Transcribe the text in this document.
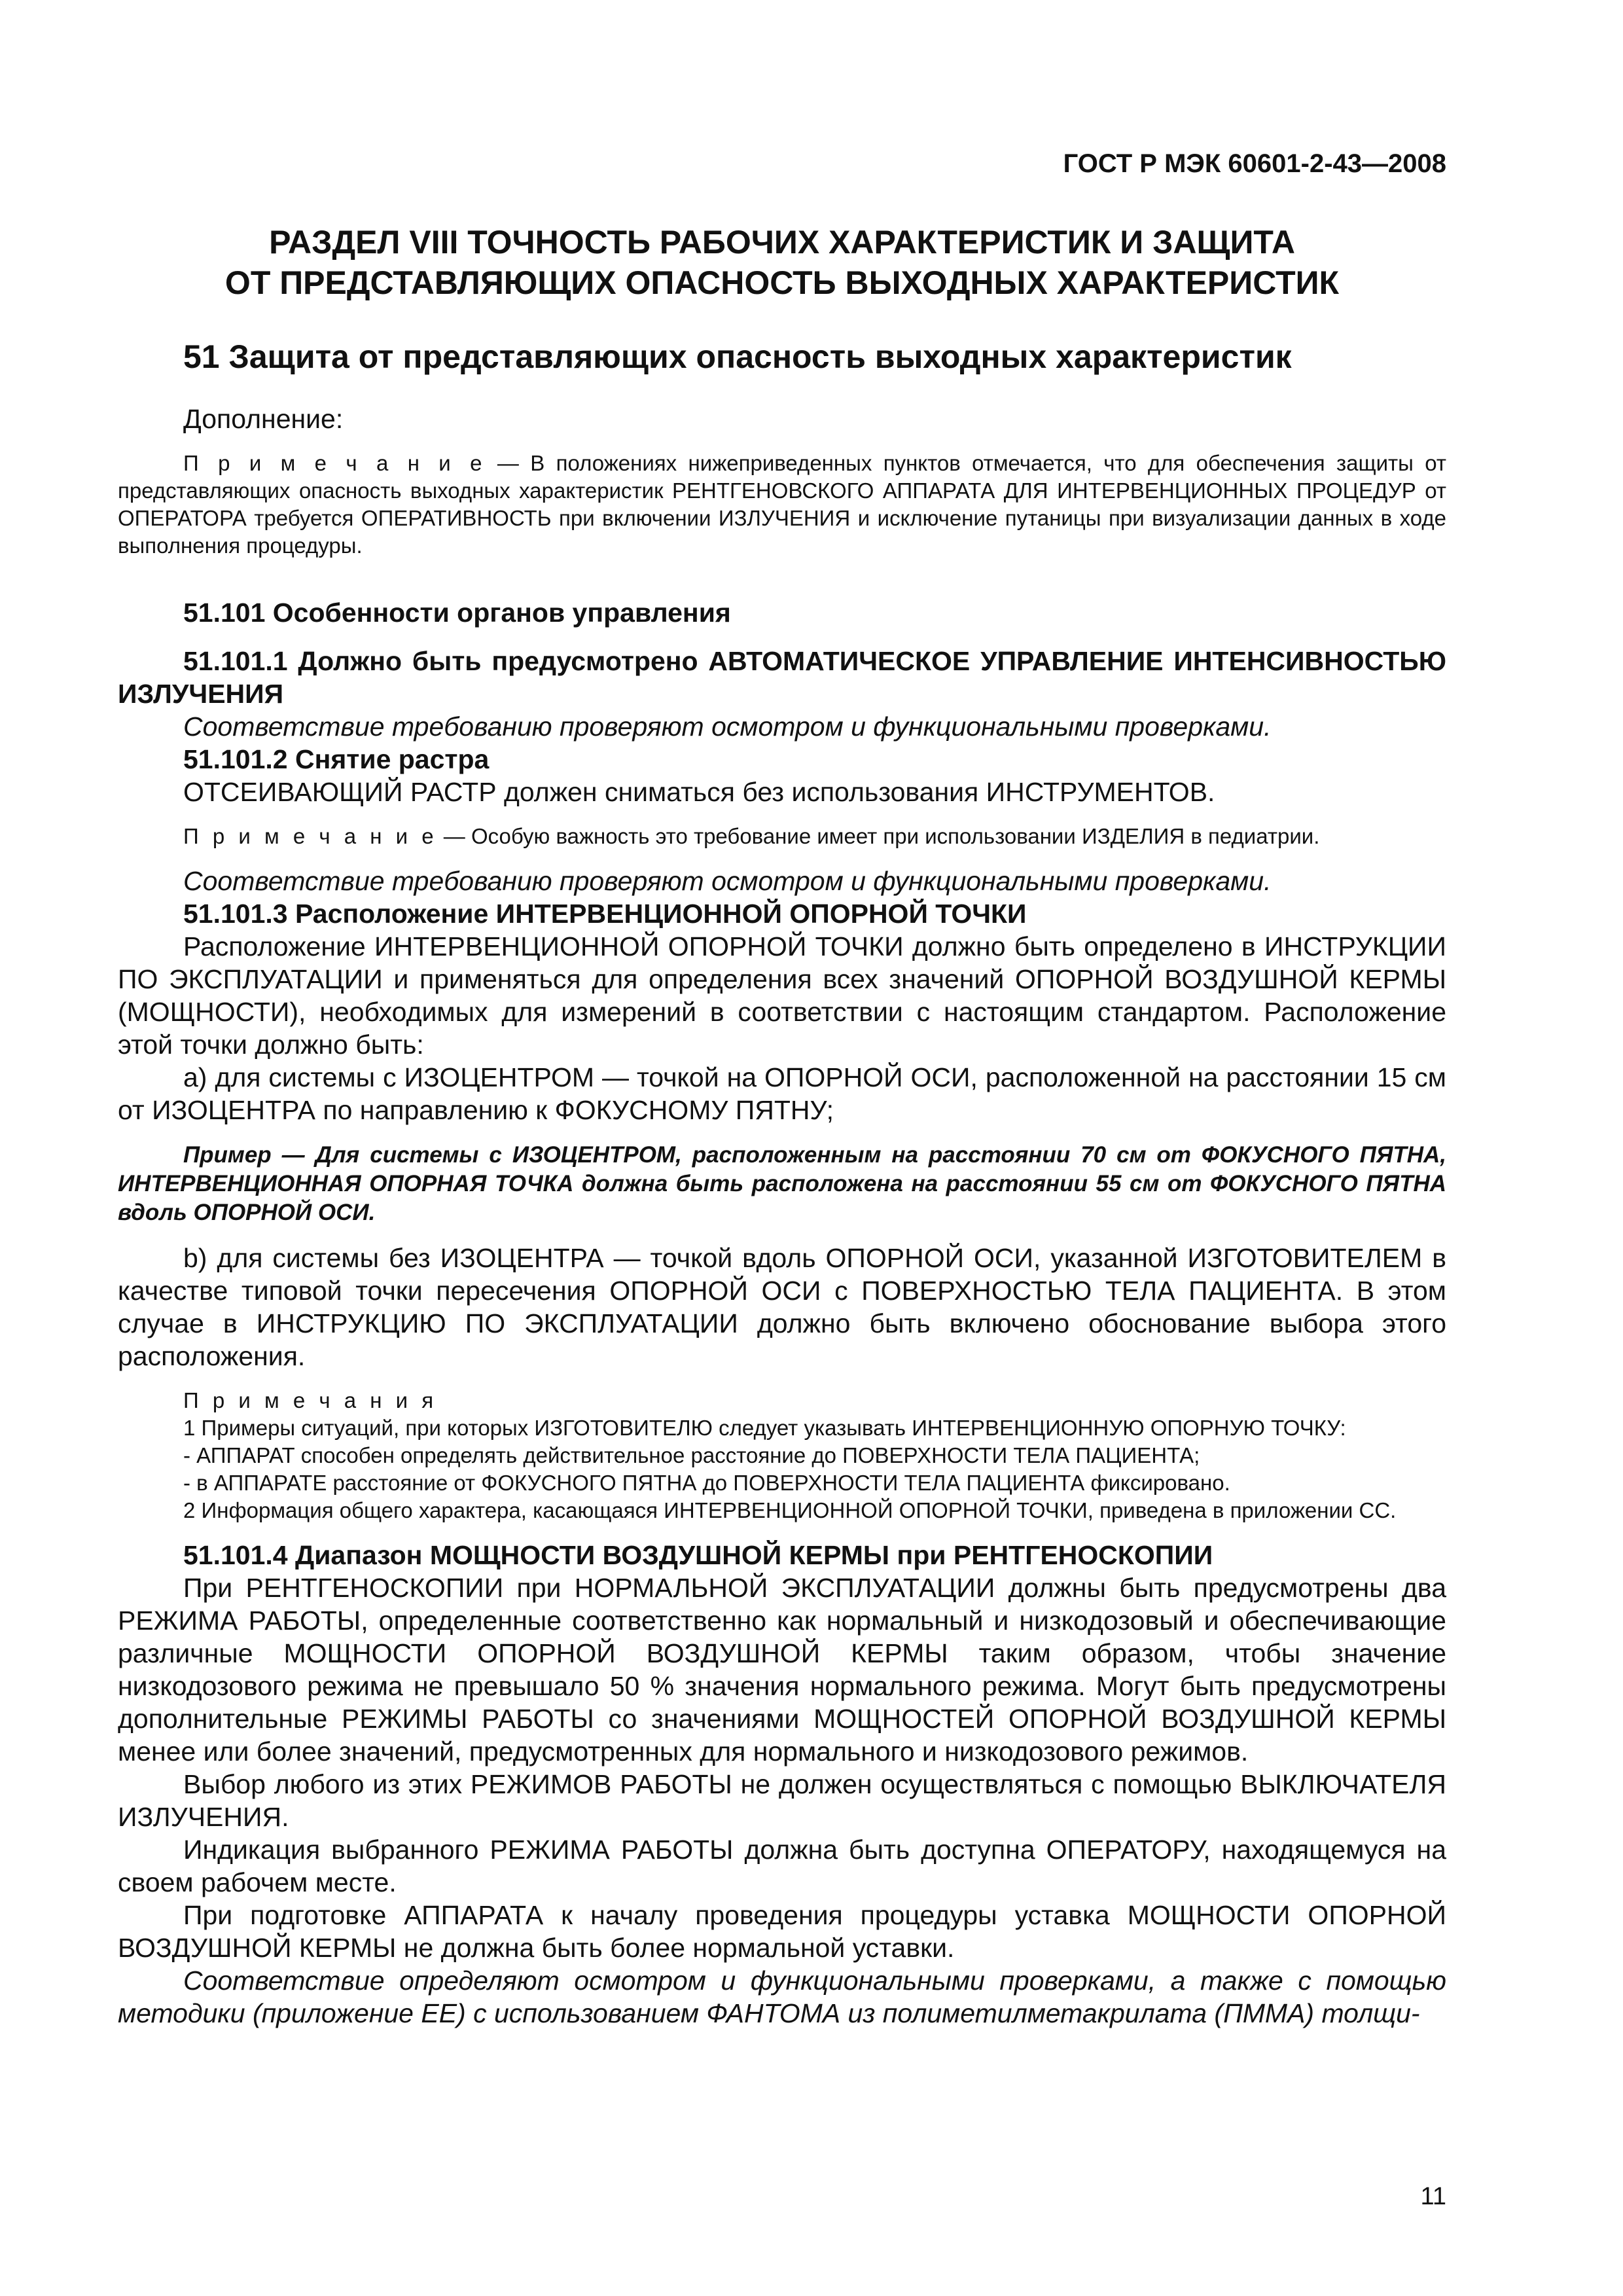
ГОСТ Р МЭК 60601-2-43—2008
РАЗДЕЛ VIII ТОЧНОСТЬ РАБОЧИХ ХАРАКТЕРИСТИК И ЗАЩИТА
ОТ ПРЕДСТАВЛЯЮЩИХ ОПАСНОСТЬ ВЫХОДНЫХ ХАРАКТЕРИСТИК
51 Защита от представляющих опасность выходных характеристик

Дополнение:

П р и м е ч а н и е — В положениях нижеприведенных пунктов отмечается, что для обеспечения защиты от представляющих опасность выходных характеристик РЕНТГЕНОВСКОГО АППАРАТА ДЛЯ ИНТЕРВЕНЦИОННЫХ ПРОЦЕДУР от ОПЕРАТОРА требуется ОПЕРАТИВНОСТЬ при включении ИЗЛУЧЕНИЯ и исключение путаницы при визуализации данных в ходе выполнения процедуры.

51.101 Особенности органов управления

51.101.1 Должно быть предусмотрено АВТОМАТИЧЕСКОЕ УПРАВЛЕНИЕ ИНТЕНСИВНОСТЬЮ ИЗЛУЧЕНИЯ

Соответствие требованию проверяют осмотром и функциональными проверками.

51.101.2 Снятие растра

ОТСЕИВАЮЩИЙ РАСТР должен сниматься без использования ИНСТРУМЕНТОВ.

П р и м е ч а н и е — Особую важность это требование имеет при использовании ИЗДЕЛИЯ в педиатрии.

Соответствие требованию проверяют осмотром и функциональными проверками.

51.101.3 Расположение ИНТЕРВЕНЦИОННОЙ ОПОРНОЙ ТОЧКИ

Расположение ИНТЕРВЕНЦИОННОЙ ОПОРНОЙ ТОЧКИ должно быть определено в ИНСТРУКЦИИ ПО ЭКСПЛУАТАЦИИ и применяться для определения всех значений ОПОРНОЙ ВОЗДУШНОЙ КЕРМЫ (МОЩНОСТИ), необходимых для измерений в соответствии с настоящим стандартом. Расположение этой точки должно быть:

a) для системы с ИЗОЦЕНТРОМ — точкой на ОПОРНОЙ ОСИ, расположенной на расстоянии 15 см от ИЗОЦЕНТРА по направлению к ФОКУСНОМУ ПЯТНУ;

Пример — Для системы с ИЗОЦЕНТРОМ, расположенным на расстоянии 70 см от ФОКУСНОГО ПЯТНА, ИНТЕРВЕНЦИОННАЯ ОПОРНАЯ ТОЧКА должна быть расположена на расстоянии 55 см от ФОКУСНОГО ПЯТНА вдоль ОПОРНОЙ ОСИ.

b) для системы без ИЗОЦЕНТРА — точкой вдоль ОПОРНОЙ ОСИ, указанной ИЗГОТОВИТЕЛЕМ в качестве типовой точки пересечения ОПОРНОЙ ОСИ с ПОВЕРХНОСТЬЮ ТЕЛА ПАЦИЕНТА. В этом случае в ИНСТРУКЦИЮ ПО ЭКСПЛУАТАЦИИ должно быть включено обоснование выбора этого расположения.

П р и м е ч а н и я

1 Примеры ситуаций, при которых ИЗГОТОВИТЕЛЮ следует указывать ИНТЕРВЕНЦИОННУЮ ОПОРНУЮ ТОЧКУ:

- АППАРАТ способен определять действительное расстояние до ПОВЕРХНОСТИ ТЕЛА ПАЦИЕНТА;

- в АППАРАТЕ расстояние от ФОКУСНОГО ПЯТНА до ПОВЕРХНОСТИ ТЕЛА ПАЦИЕНТА фиксировано.

2 Информация общего характера, касающаяся ИНТЕРВЕНЦИОННОЙ ОПОРНОЙ ТОЧКИ, приведена в приложении СС.

51.101.4 Диапазон МОЩНОСТИ ВОЗДУШНОЙ КЕРМЫ при РЕНТГЕНОСКОПИИ

При РЕНТГЕНОСКОПИИ при НОРМАЛЬНОЙ ЭКСПЛУАТАЦИИ должны быть предусмотрены два РЕЖИМА РАБОТЫ, определенные соответственно как нормальный и низкодозовый и обеспечивающие различные МОЩНОСТИ ОПОРНОЙ ВОЗДУШНОЙ КЕРМЫ таким образом, чтобы значение низкодозового режима не превышало 50 % значения нормального режима. Могут быть предусмотрены дополнительные РЕЖИМЫ РАБОТЫ со значениями МОЩНОСТЕЙ ОПОРНОЙ ВОЗДУШНОЙ КЕРМЫ менее или более значений, предусмотренных для нормального и низкодозового режимов.

Выбор любого из этих РЕЖИМОВ РАБОТЫ не должен осуществляться с помощью ВЫКЛЮЧАТЕЛЯ ИЗЛУЧЕНИЯ.

Индикация выбранного РЕЖИМА РАБОТЫ должна быть доступна ОПЕРАТОРУ, находящемуся на своем рабочем месте.

При подготовке АППАРАТА к началу проведения процедуры уставка МОЩНОСТИ ОПОРНОЙ ВОЗДУШНОЙ КЕРМЫ не должна быть более нормальной уставки.

Соответствие определяют осмотром и функциональными проверками, а также с помощью методики (приложение ЕЕ) с использованием ФАНТОМА из полиметилметакрилата (ПММА) толщи-

11
